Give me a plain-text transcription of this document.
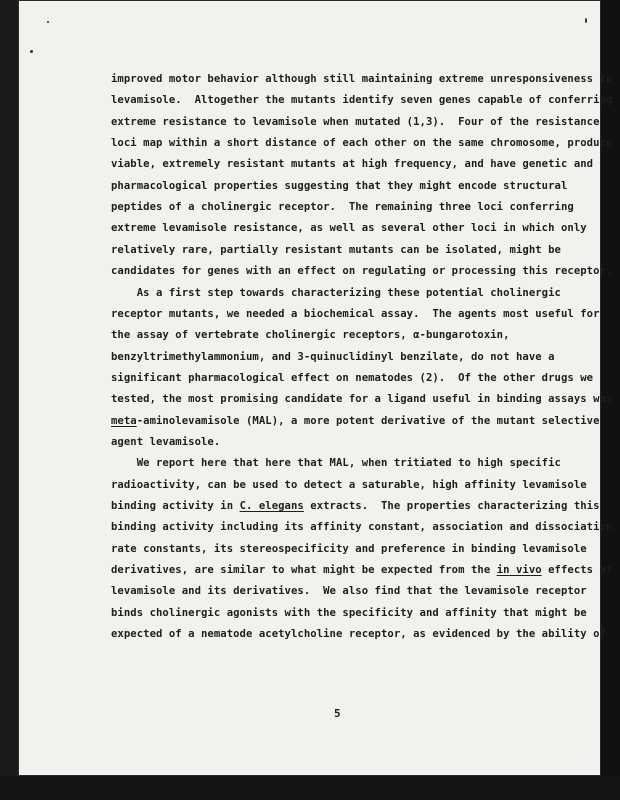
improved motor behavior although still maintaining extreme unresponsiveness to
levamisole.  Altogether the mutants identify seven genes capable of conferring
extreme resistance to levamisole when mutated (1,3).  Four of the resistance
loci map within a short distance of each other on the same chromosome, produce
viable, extremely resistant mutants at high frequency, and have genetic and
pharmacological properties suggesting that they might encode structural
peptides of a cholinergic receptor.  The remaining three loci conferring
extreme levamisole resistance, as well as several other loci in which only
relatively rare, partially resistant mutants can be isolated, might be
candidates for genes with an effect on regulating or processing this receptor.
As a first step towards characterizing these potential cholinergic
receptor mutants, we needed a biochemical assay.  The agents most useful for
the assay of vertebrate cholinergic receptors, α-bungarotoxin,
benzyltrimethylammonium, and 3-quinuclidinyl benzilate, do not have a
significant pharmacological effect on nematodes (2).  Of the other drugs we
tested, the most promising candidate for a ligand useful in binding assays was
meta-aminolevamisole (MAL), a more potent derivative of the mutant selective
agent levamisole.
We report here that here that MAL, when tritiated to high specific
radioactivity, can be used to detect a saturable, high affinity levamisole
binding activity in C. elegans extracts.  The properties characterizing this
binding activity including its affinity constant, association and dissociation
rate constants, its stereospecificity and preference in binding levamisole
derivatives, are similar to what might be expected from the in vivo effects of
levamisole and its derivatives.  We also find that the levamisole receptor
binds cholinergic agonists with the specificity and affinity that might be
expected of a nematode acetylcholine receptor, as evidenced by the ability of
5
